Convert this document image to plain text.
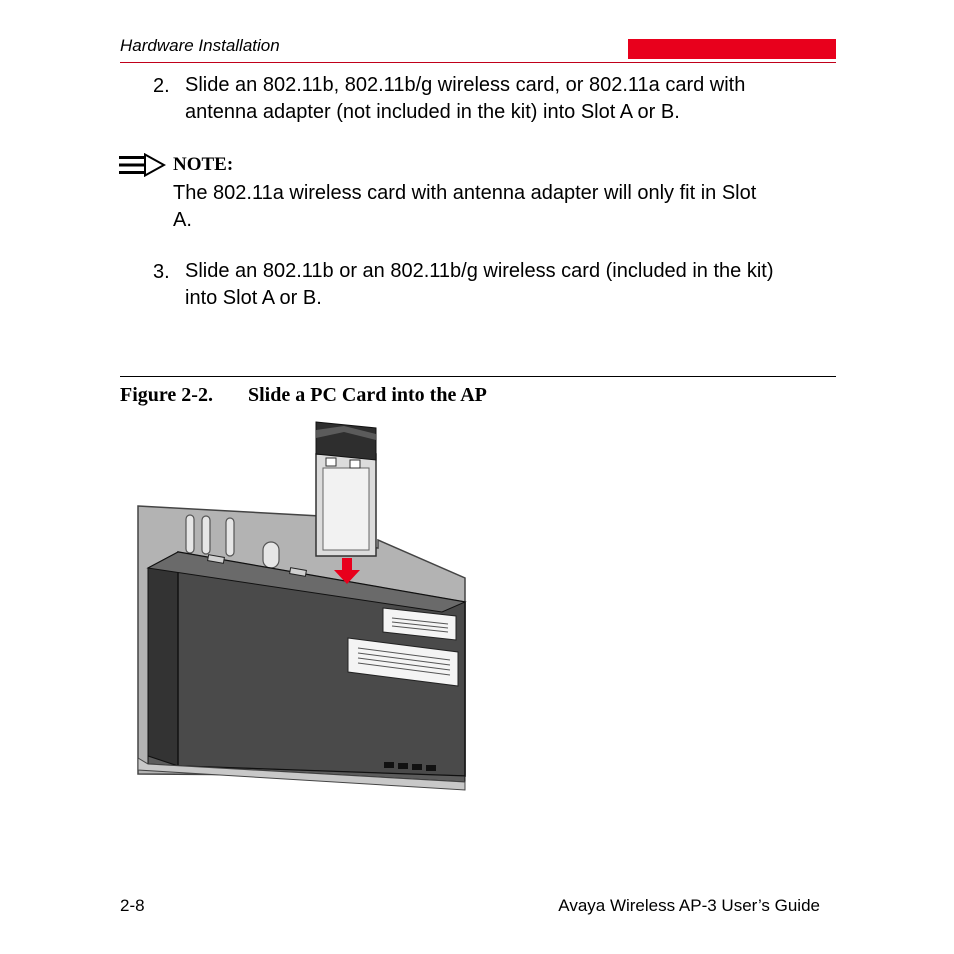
Hardware Installation
2. Slide an 802.11b, 802.11b/g wireless card, or 802.11a card with
antenna adapter (not included in the kit) into Slot A or B.
NOTE:
The 802.11a wireless card with antenna adapter will only fit in Slot
A.
3. Slide an 802.11b or an 802.11b/g wireless card (included in the kit)
into Slot A or B.
Figure 2-2. Slide a PC Card into the AP
2-8	Avaya Wireless AP-3 User’s Guide
